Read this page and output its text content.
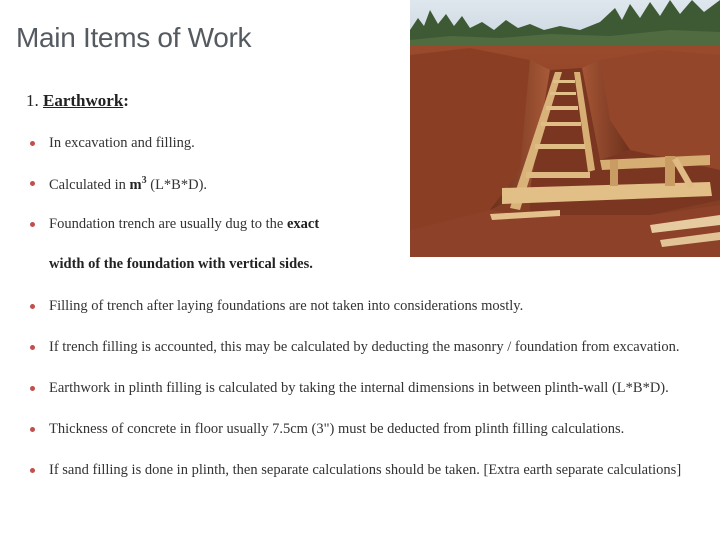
Main Items of Work
1. Earthwork:
In excavation and filling.
Calculated in $m^3$ (L*B*D).
Foundation trench are usually dug to the exact
width of the foundation with vertical sides.
Filling of trench after laying foundations are not taken into considerations mostly.
If trench filling is accounted, this may be calculated by deducting the masonry / foundation from excavation.
Earthwork in plinth filling is calculated by taking the internal dimensions in between plinth-wall (L*B*D).
Thickness of concrete in floor usually 7.5cm (3") must be deducted from plinth filling calculations.
If sand filling is done in plinth, then separate calculations should be taken. [Extra earth separate calculations]
